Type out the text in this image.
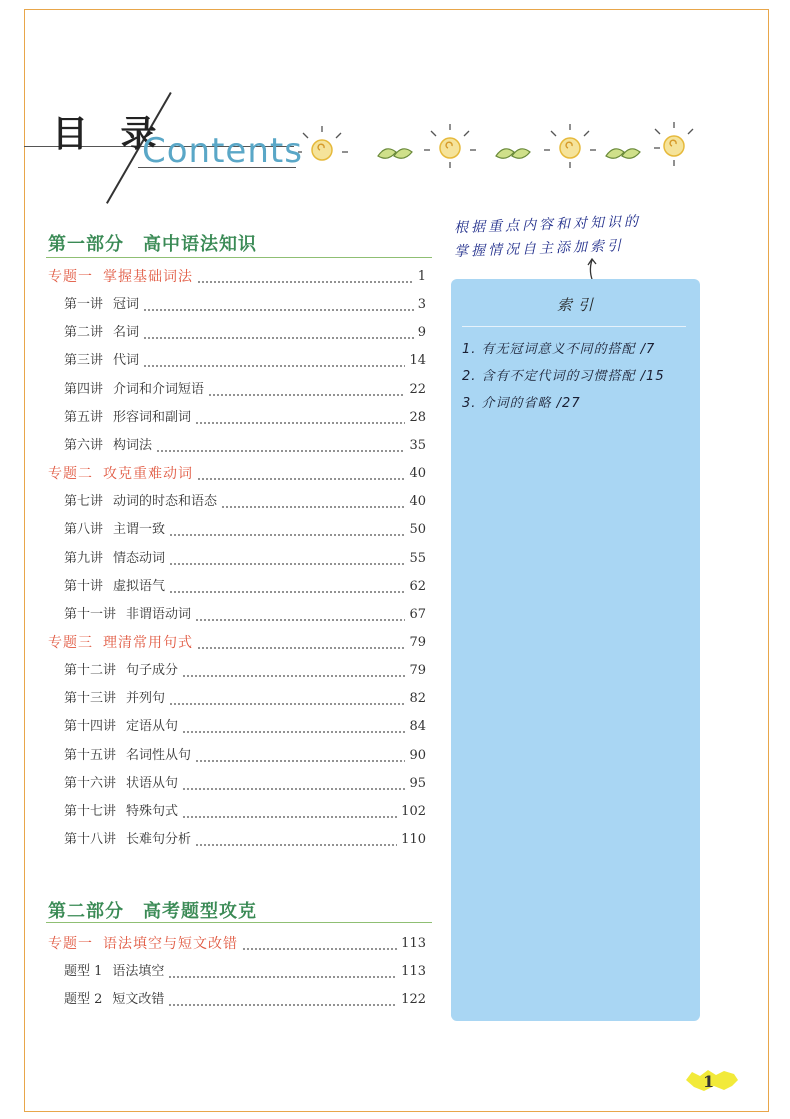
目 录
Contents
第一部分　高中语法知识
专题一 掌握基础词法	1
第一讲 冠词	3
第二讲 名词	9
第三讲 代词	14
第四讲 介词和介词短语	22
第五讲 形容词和副词	28
第六讲 构词法	35
专题二 攻克重难动词	40
第七讲 动词的时态和语态	40
第八讲 主谓一致	50
第九讲 情态动词	55
第十讲 虚拟语气	62
第十一讲 非谓语动词	67
专题三 理清常用句式	79
第十二讲 句子成分	79
第十三讲 并列句	82
第十四讲 定语从句	84
第十五讲 名词性从句	90
第十六讲 状语从句	95
第十七讲 特殊句式	102
第十八讲 长难句分析	110
第二部分　高考题型攻克
专题一 语法填空与短文改错	113
题型 1 语法填空	113
题型 2 短文改错	122
根据重点内容和对知识的
掌握情况自主添加索引
索引
1. 有无冠词意义不同的搭配 /7
2. 含有不定代词的习惯搭配 /15
3. 介词的省略 /27
1
